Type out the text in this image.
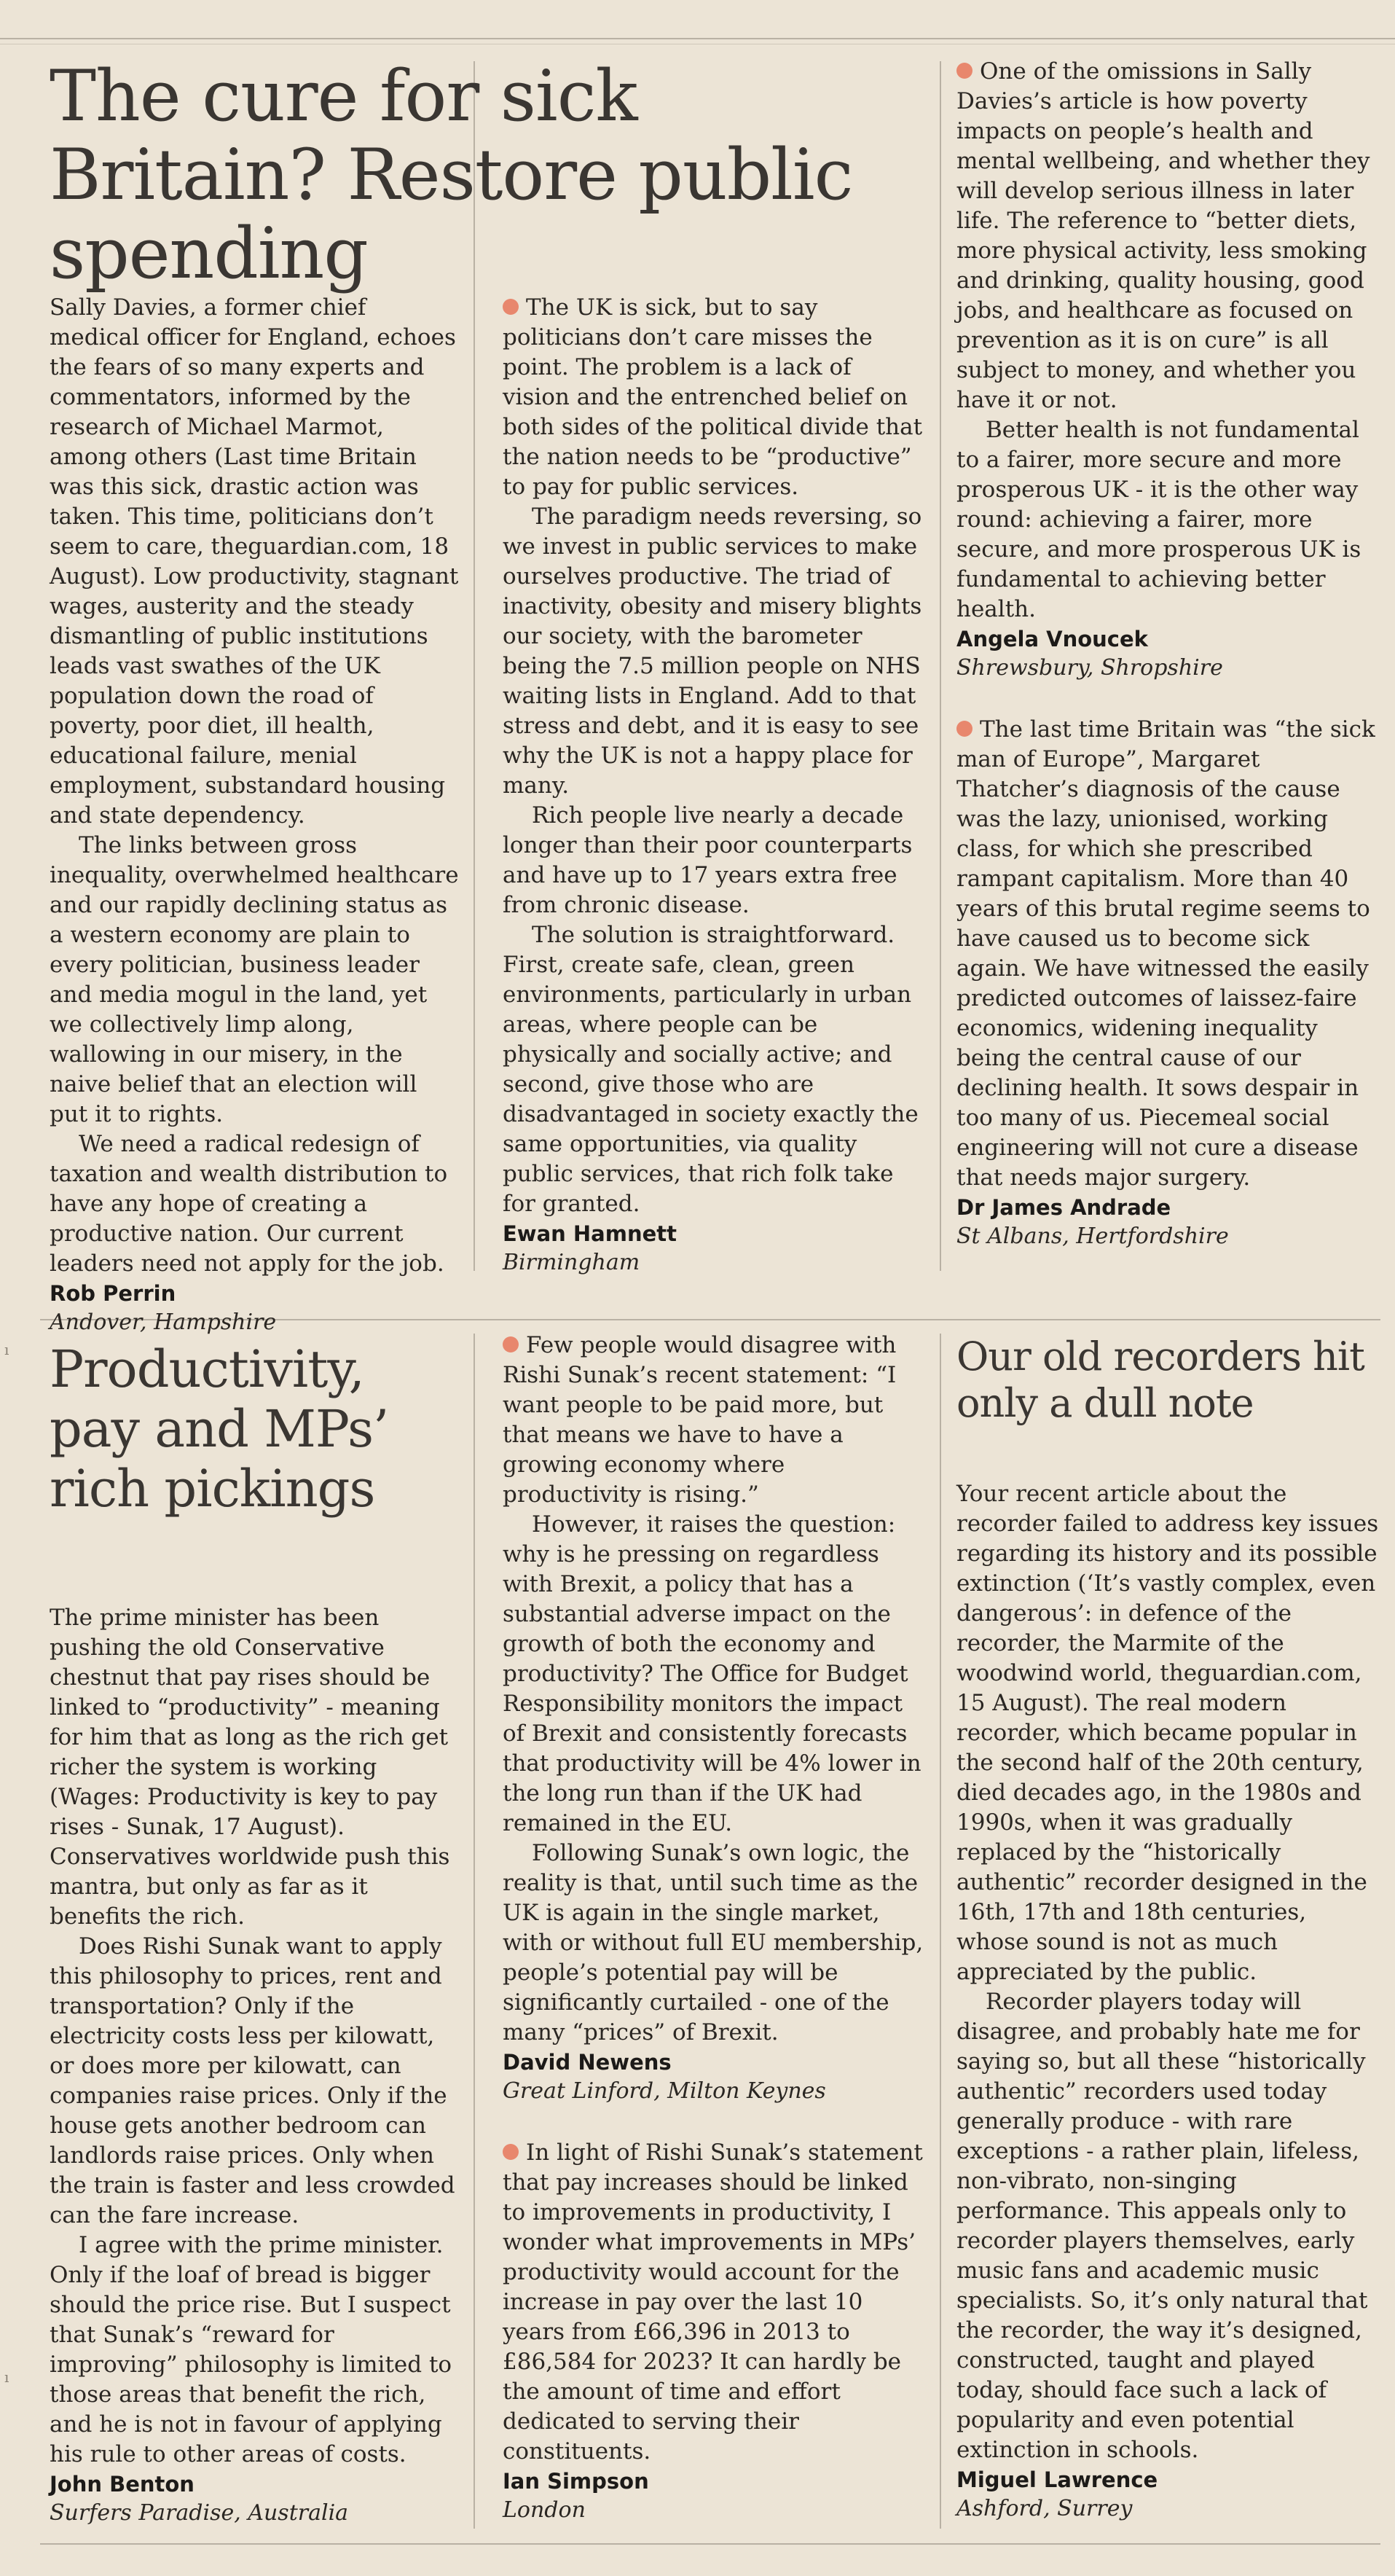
ı
ı
The cure for sick Britain? Restore public spending

Sally Davies, a former chief medical officer for England, echoes the fears of so many experts and commentators, informed by the research of Michael Marmot, among others (Last time Britain was this sick, drastic action was taken. This time, politicians don’t seem to care, theguardian.com, 18 August). Low productivity, stagnant wages, austerity and the steady dismantling of public institutions leads vast swathes of the UK population down the road of poverty, poor diet, ill health, educational failure, menial employment, substandard housing and state dependency.

The links between gross inequality, overwhelmed healthcare and our rapidly declining status as a western economy are plain to every politician, business leader and media mogul in the land, yet we collectively limp along, wallowing in our misery, in the naive belief that an election will put it to rights.

We need a radical redesign of taxation and wealth distribution to have any hope of creating a productive nation. Our current leaders need not apply for the job.

Rob Perrin
Andover, Hampshire

The UK is sick, but to say politicians don’t care misses the point. The problem is a lack of vision and the entrenched belief on both sides of the political divide that the nation needs to be “productive” to pay for public services.

The paradigm needs reversing, so we invest in public services to make ourselves productive. The triad of inactivity, obesity and misery blights our society, with the barometer being the 7.5 million people on NHS waiting lists in England. Add to that stress and debt, and it is easy to see why the UK is not a happy place for many.

Rich people live nearly a decade longer than their poor counterparts and have up to 17 years extra free from chronic disease.

The solution is straightforward. First, create safe, clean, green environments, particularly in urban areas, where people can be physically and socially active; and second, give those who are disadvantaged in society exactly the same opportunities, via quality public services, that rich folk take for granted.

Ewan Hamnett
Birmingham

One of the omissions in Sally Davies’s article is how poverty impacts on people’s health and mental wellbeing, and whether they will develop serious illness in later life. The reference to “better diets, more physical activity, less smoking and drinking, quality housing, good jobs, and healthcare as focused on prevention as it is on cure” is all subject to money, and whether you have it or not.

Better health is not fundamental to a fairer, more secure and more prosperous UK - it is the other way round: achieving a fairer, more secure, and more prosperous UK is fundamental to achieving better health.

Angela Vnoucek
Shrewsbury, Shropshire

The last time Britain was “the sick man of Europe”, Margaret Thatcher’s diagnosis of the cause was the lazy, unionised, working class, for which she prescribed rampant capitalism. More than 40 years of this brutal regime seems to have caused us to become sick again. We have witnessed the easily predicted outcomes of laissez-faire economics, widening inequality being the central cause of our declining health. It sows despair in too many of us. Piecemeal social engineering will not cure a disease that needs major surgery.

Dr James Andrade
St Albans, Hertfordshire
Productivity, pay and MPs’ rich pickings

The prime minister has been pushing the old Conservative chestnut that pay rises should be linked to “productivity” - meaning for him that as long as the rich get richer the system is working (Wages: Productivity is key to pay rises - Sunak, 17 August). Conservatives worldwide push this mantra, but only as far as it benefits the rich.

Does Rishi Sunak want to apply this philosophy to prices, rent and transportation? Only if the electricity costs less per kilowatt, or does more per kilowatt, can companies raise prices. Only if the house gets another bedroom can landlords raise prices. Only when the train is faster and less crowded can the fare increase.

I agree with the prime minister. Only if the loaf of bread is bigger should the price rise. But I suspect that Sunak’s “reward for improving” philosophy is limited to those areas that benefit the rich, and he is not in favour of applying his rule to other areas of costs.

John Benton
Surfers Paradise, Australia

Few people would disagree with Rishi Sunak’s recent statement: “I want people to be paid more, but that means we have to have a growing economy where productivity is rising.”

However, it raises the question: why is he pressing on regardless with Brexit, a policy that has a substantial adverse impact on the growth of both the economy and productivity? The Office for Budget Responsibility monitors the impact of Brexit and consistently forecasts that productivity will be 4% lower in the long run than if the UK had remained in the EU.

Following Sunak’s own logic, the reality is that, until such time as the UK is again in the single market, with or without full EU membership, people’s potential pay will be significantly curtailed - one of the many “prices” of Brexit.

David Newens
Great Linford, Milton Keynes

In light of Rishi Sunak’s statement that pay increases should be linked to improvements in productivity, I wonder what improvements in MPs’ productivity would account for the increase in pay over the last 10 years from £66,396 in 2013 to £86,584 for 2023? It can hardly be the amount of time and effort dedicated to serving their constituents.

Ian Simpson
London
Our old recorders hit only a dull note

Your recent article about the recorder failed to address key issues regarding its history and its possible extinction (‘It’s vastly complex, even dangerous’: in defence of the recorder, the Marmite of the woodwind world, theguardian.com, 15 August). The real modern recorder, which became popular in the second half of the 20th century, died decades ago, in the 1980s and 1990s, when it was gradually replaced by the “historically authentic” recorder designed in the 16th, 17th and 18th centuries, whose sound is not as much appreciated by the public.

Recorder players today will disagree, and probably hate me for saying so, but all these “historically authentic” recorders used today generally produce - with rare exceptions - a rather plain, lifeless, non-vibrato, non-singing performance. This appeals only to recorder players themselves, early music fans and academic music specialists. So, it’s only natural that the recorder, the way it’s designed, constructed, taught and played today, should face such a lack of popularity and even potential extinction in schools.

Miguel Lawrence
Ashford, Surrey
